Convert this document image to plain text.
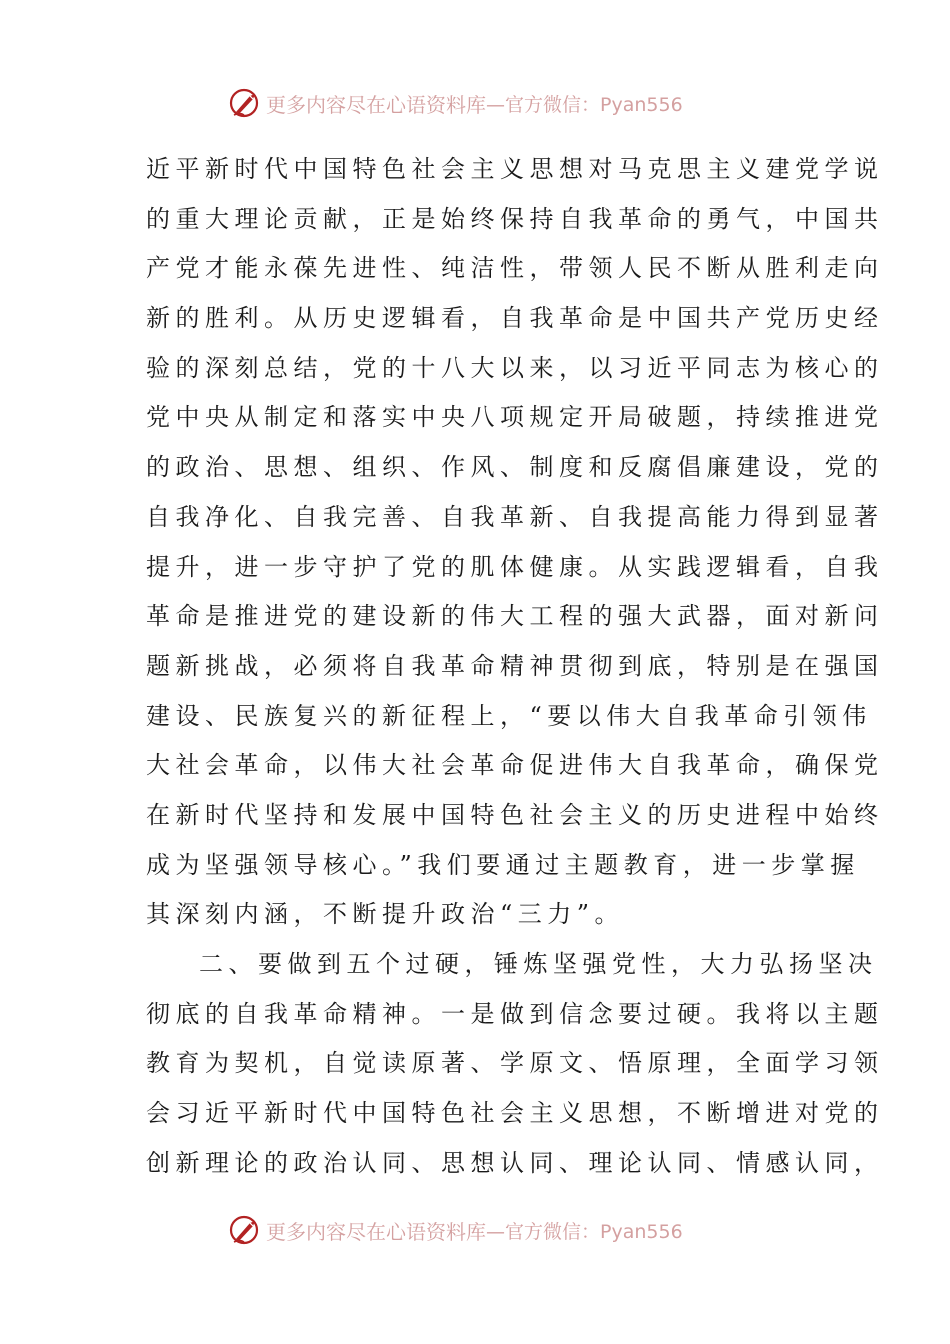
更多内容尽在心语资料库 —官方微信：Pyan556
近平新时代中国特色社会主义思想对马克思主义建党学说
的重大理论贡献，正是始终保持自我革命的勇气，中国共
产党才能永葆先进性、纯洁性，带领人民不断从胜利走向
新的胜利。从历史逻辑看，自我革命是中国共产党历史经
验的深刻总结，党的十八大以来，以习近平同志为核心的
党中央从制定和落实中央八项规定开局破题，持续推进党
的政治、思想、组织、作风、制度和反腐倡廉建设，党的
自我净化、自我完善、自我革新、自我提高能力得到显著
提升，进一步守护了党的肌体健康。从实践逻辑看，自我
革命是推进党的建设新的伟大工程的强大武器，面对新问
题新挑战，必须将自我革命精神贯彻到底，特别是在强国
建设、民族复兴的新征程上，“要以伟大自我革命引领伟
大社会革命，以伟大社会革命促进伟大自我革命，确保党
在新时代坚持和发展中国特色社会主义的历史进程中始终
成为坚强领导核心。”我们要通过主题教育，进一步掌握
其深刻内涵，不断提升政治“三力”。
二、要做到五个过硬，锤炼坚强党性，大力弘扬坚决
彻底的自我革命精神。一是做到信念要过硬。我将以主题
教育为契机，自觉读原著、学原文、悟原理，全面学习领
会习近平新时代中国特色社会主义思想，不断增进对党的
创新理论的政治认同、思想认同、理论认同、情感认同，
更多内容尽在心语资料库 —官方微信：Pyan556
